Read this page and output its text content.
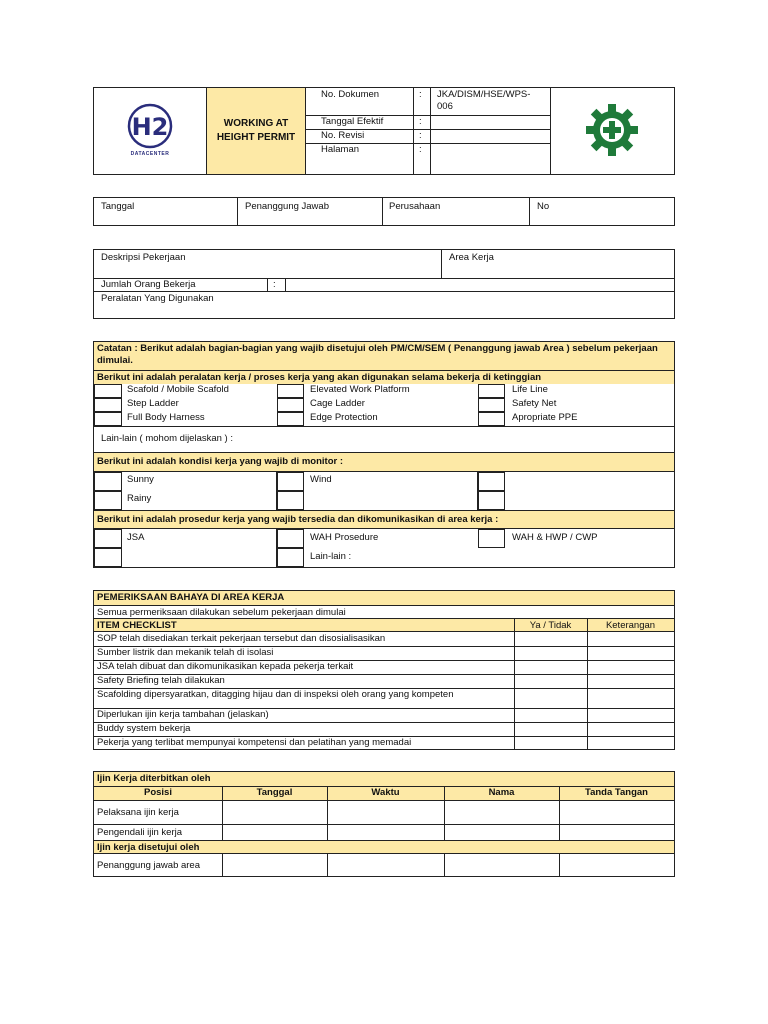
H2
DATACENTER
WORKING AT HEIGHT PERMIT
No. Dokumen	:	JKA/DISM/HSE/WPS-006
Tanggal Efektif	:
No. Revisi	:
Halaman	:
Tanggal	Penanggung Jawab	Perusahaan	No
Deskripsi Pekerjaan	Area Kerja
Jumlah Orang Bekerja	:
Peralatan Yang Digunakan
Catatan : Berikut adalah bagian-bagian yang wajib disetujui oleh PM/CM/SEM ( Penanggung jawab Area ) sebelum pekerjaan dimulai.
Berikut ini adalah peralatan kerja / proses kerja yang akan digunakan selama bekerja di ketinggian
Scafold / Mobile Scafold	Elevated Work Platform	Life Line
Step Ladder	Cage Ladder	Safety Net
Full Body Harness	Edge Protection	Apropriate PPE
Lain-lain ( mohom dijelaskan ) :
Berikut ini adalah kondisi kerja yang wajib di monitor :
Sunny	Wind
Rainy
Berikut ini adalah prosedur kerja yang wajib tersedia dan dikomunikasikan di area kerja :
JSA	WAH Prosedure	WAH & HWP / CWP
Lain-lain :
PEMERIKSAAN BAHAYA DI AREA KERJA
Semua permeriksaan dilakukan sebelum pekerjaan dimulai
ITEM CHECKLIST	Ya / Tidak	Keterangan
SOP telah disediakan terkait pekerjaan tersebut dan disosialisasikan
Sumber listrik dan mekanik telah di isolasi
JSA telah dibuat dan dikomunikasikan kepada pekerja terkait
Safety Briefing telah dilakukan
Scafolding dipersyaratkan, ditagging hijau dan di inspeksi oleh orang yang kompeten
Diperlukan ijin kerja tambahan (jelaskan)
Buddy system bekerja
Pekerja yang terlibat mempunyai kompetensi dan pelatihan yang memadai
Ijin Kerja diterbitkan oleh
Posisi	Tanggal	Waktu	Nama	Tanda Tangan
Pelaksana ijin kerja
Pengendali ijin kerja
Ijin kerja disetujui oleh
Penanggung jawab area
